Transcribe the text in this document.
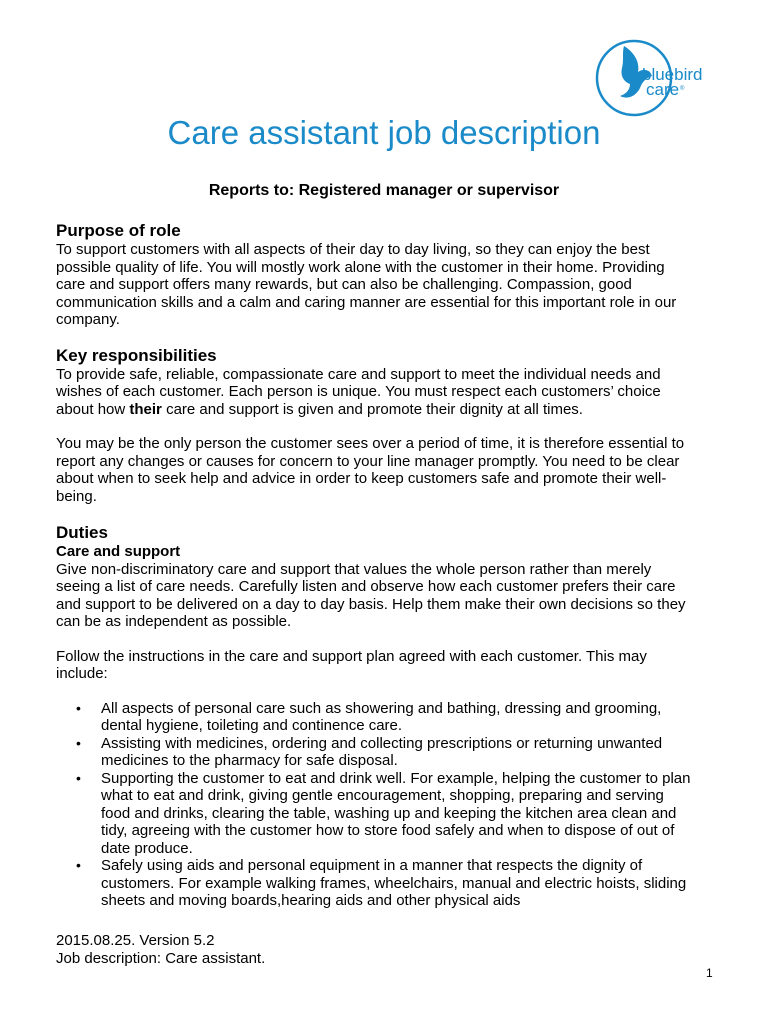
bluebird
care ®
Care assistant job description
Reports to: Registered manager or supervisor
Purpose of role

To support customers with all aspects of their day to day living, so they can enjoy the best
possible quality of life. You will mostly work alone with the customer in their home. Providing
care and support offers many rewards, but can also be challenging. Compassion, good
communication skills and a calm and caring manner are essential for this important role in our
company.

Key responsibilities

To provide safe, reliable, compassionate care and support to meet the individual needs and
wishes of each customer. Each person is unique. You must respect each customers’ choice
about how their care and support is given and promote their dignity at all times.

You may be the only person the customer sees over a period of time, it is therefore essential to
report any changes or causes for concern to your line manager promptly. You need to be clear
about when to seek help and advice in order to keep customers safe and promote their well-
being.

Duties
Care and support

Give non-discriminatory care and support that values the whole person rather than merely
seeing a list of care needs. Carefully listen and observe how each customer prefers their care
and support to be delivered on a day to day basis. Help them make their own decisions so they
can be as independent as possible.

Follow the instructions in the care and support plan agreed with each customer. This may
include:

• All aspects of personal care such as showering and bathing, dressing and grooming,
dental hygiene, toileting and continence care.
• Assisting with medicines, ordering and collecting prescriptions or returning unwanted
medicines to the pharmacy for safe disposal.
• Supporting the customer to eat and drink well. For example, helping the customer to plan
what to eat and drink, giving gentle encouragement, shopping, preparing and serving
food and drinks, clearing the table, washing up and keeping the kitchen area clean and
tidy, agreeing with the customer how to store food safely and when to dispose of out of
date produce.
• Safely using aids and personal equipment in a manner that respects the dignity of
customers. For example walking frames, wheelchairs, manual and electric hoists, sliding
sheets and moving boards,hearing aids and other physical aids
2015.08.25. Version 5.2
Job description: Care assistant.
1
